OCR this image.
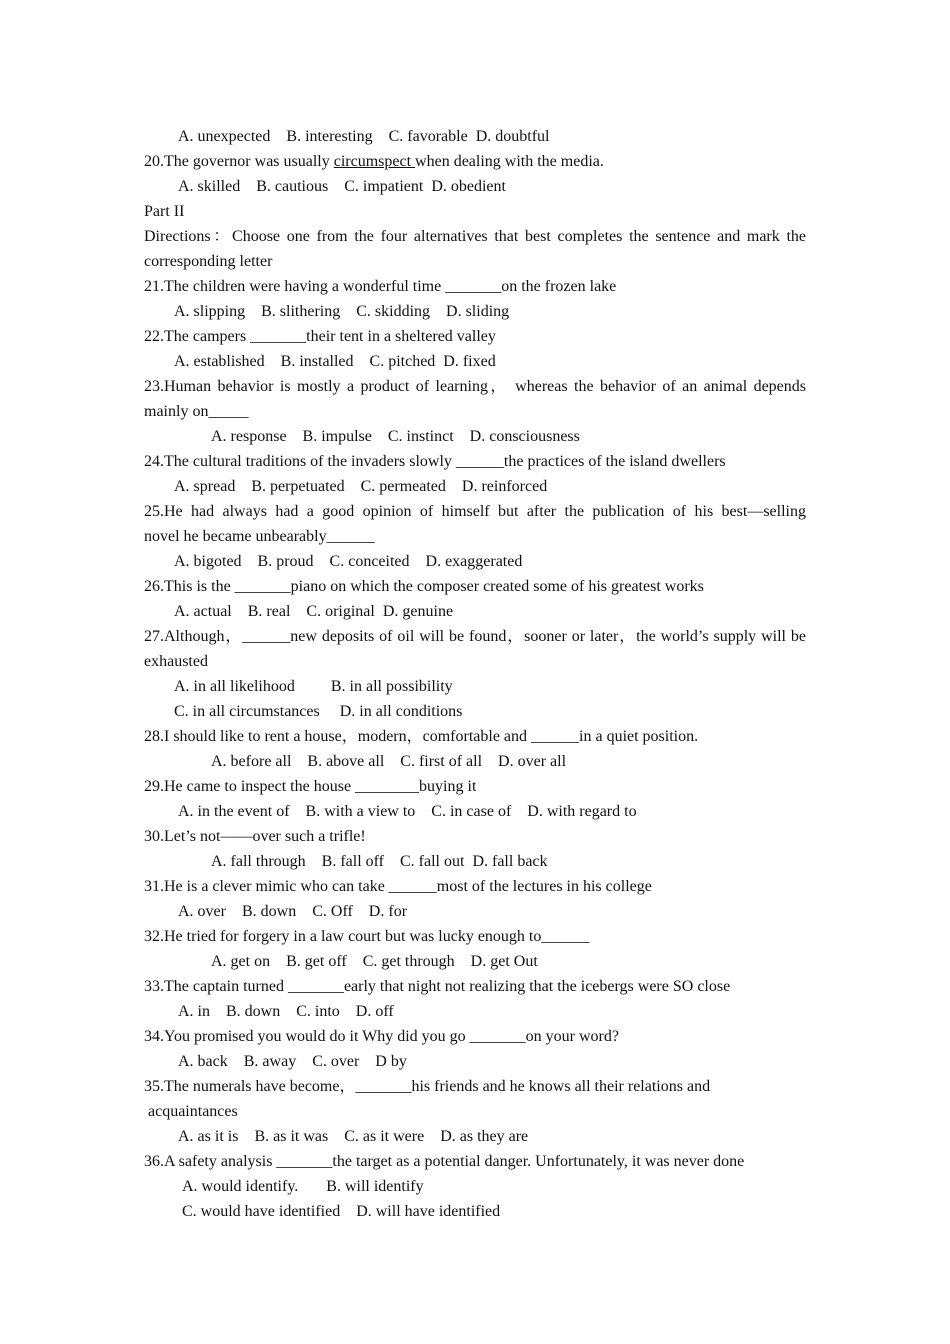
A. unexpected    B. interesting    C. favorable  D. doubtful
20.The governor was usually circumspect when dealing with the media.
A. skilled    B. cautious    C. impatient  D. obedient
Part II
Directions：Choose one from the four alternatives that best completes the sentence and mark the
corresponding letter
21.The children were having a wonderful time _______on the frozen lake
A. slipping    B. slithering    C. skidding    D. sliding
22.The campers _______their tent in a sheltered valley
A. established    B. installed    C. pitched  D. fixed
23.Human behavior is mostly a product of learning， whereas the behavior of an animal depends
mainly on_____
A. response    B. impulse    C. instinct    D. consciousness
24.The cultural traditions of the invaders slowly ______the practices of the island dwellers
A. spread    B. perpetuated    C. permeated    D. reinforced
25.He had always had a good opinion of himself but after the publication of his best—selling
novel he became unbearably______
A. bigoted    B. proud    C. conceited    D. exaggerated
26.This is the _______piano on which the composer created some of his greatest works
A. actual    B. real    C. original  D. genuine
27.Although，______new deposits of oil will be found，sooner or later，the world’s supply will be
exhausted
A. in all likelihood         B. in all possibility
C. in all circumstances     D. in all conditions
28.I should like to rent a house，modern，comfortable and ______in a quiet position.
A. before all    B. above all    C. first of all    D. over all
29.He came to inspect the house ________buying it
A. in the event of    B. with a view to    C. in case of    D. with regard to
30.Let’s not——over such a trifle!
A. fall through    B. fall off    C. fall out  D. fall back
31.He is a clever mimic who can take ______most of the lectures in his college
A. over    B. down    C. Off    D. for
32.He tried for forgery in a law court but was lucky enough to______
A. get on    B. get off    C. get through    D. get Out
33.The captain turned _______early that night not realizing that the icebergs were SO close
A. in    B. down    C. into    D. off
34.You promised you would do it Why did you go _______on your word?
A. back    B. away    C. over    D by
35.The numerals have become，_______his friends and he knows all their relations and
acquaintances
A. as it is    B. as it was    C. as it were    D. as they are
36.A safety analysis _______the target as a potential danger. Unfortunately, it was never done
A. would identify.       B. will identify
C. would have identified    D. will have identified
